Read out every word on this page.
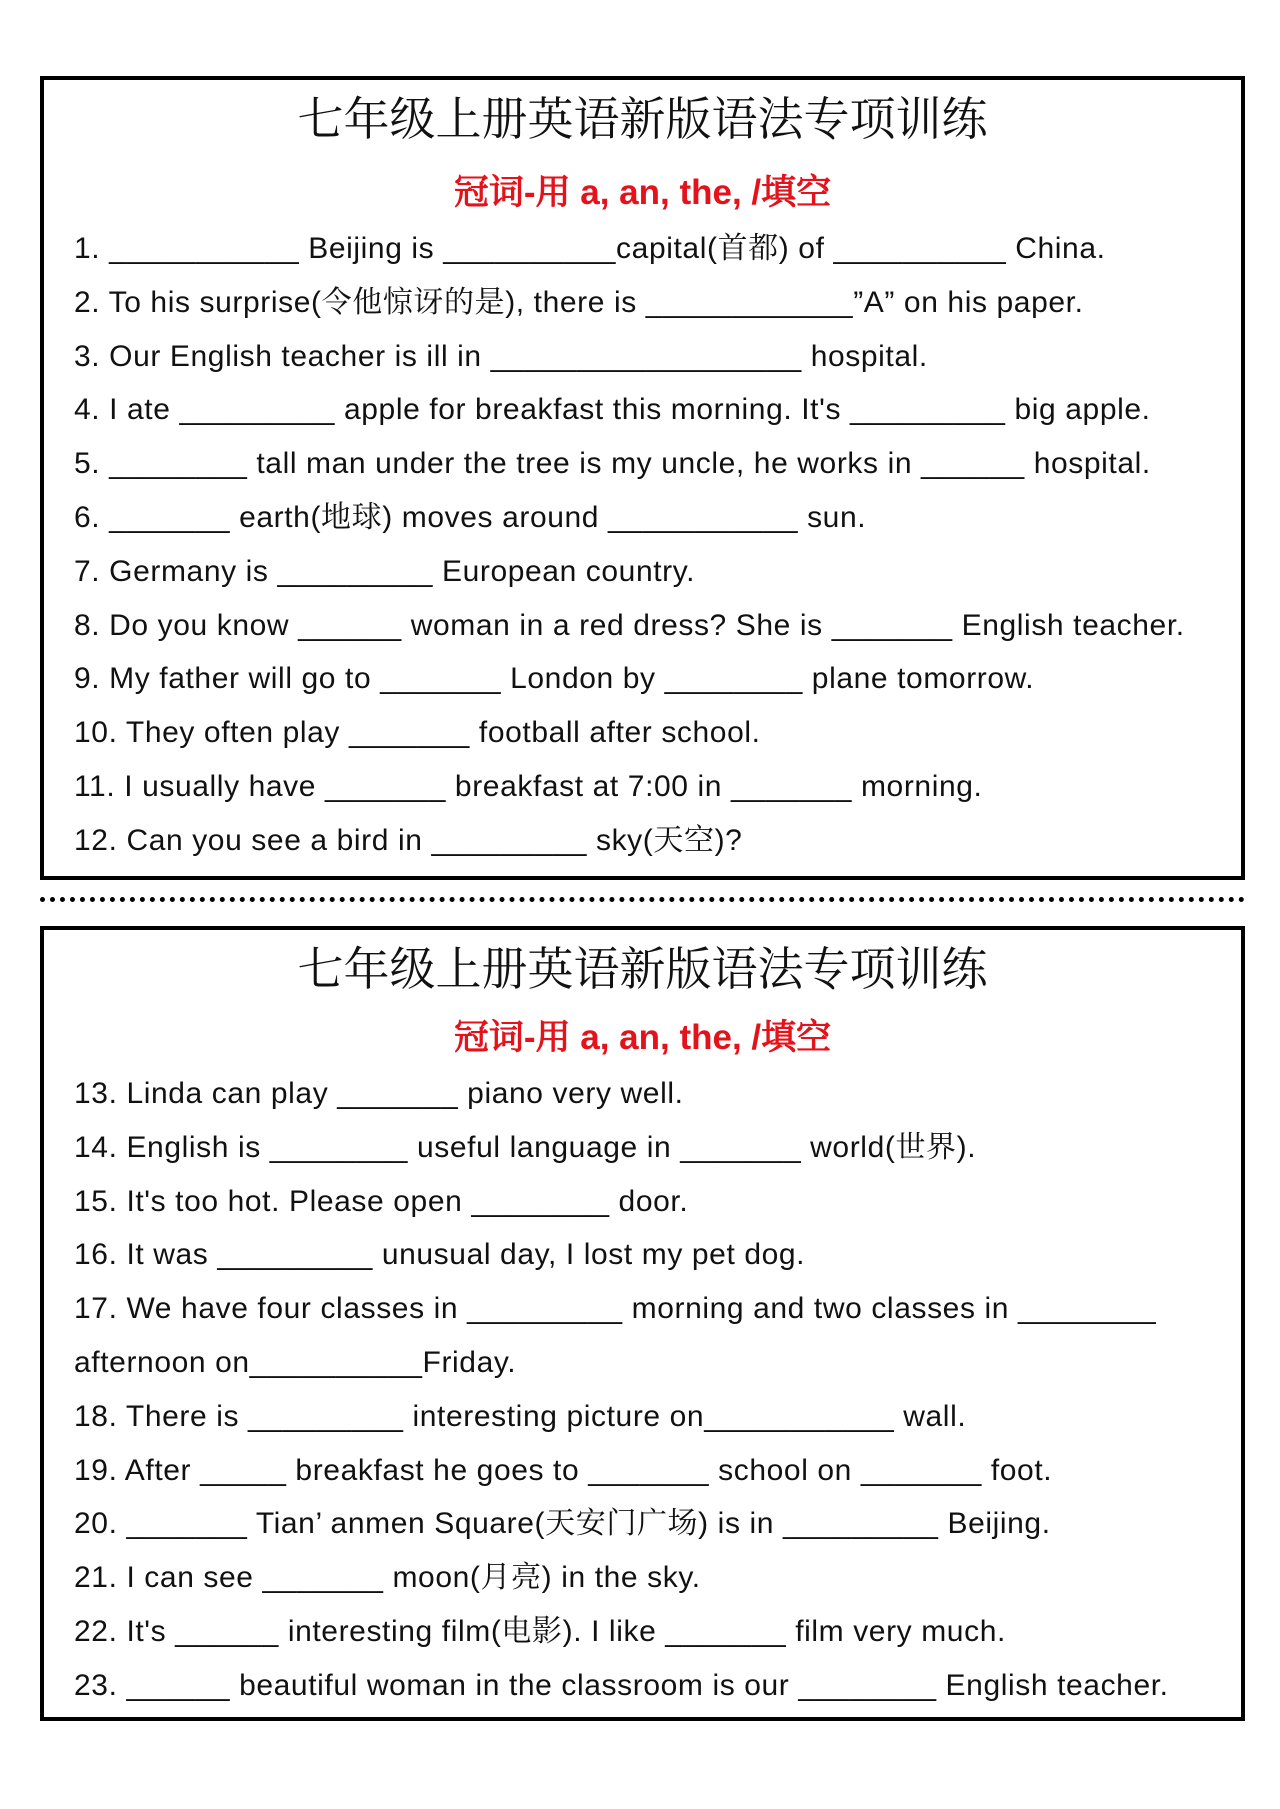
七年级上册英语新版语法专项训练
冠词-用 a, an, the, /填空
1. ___________ Beijing is __________capital(首都) of __________ China.
2. To his surprise(令他惊讶的是), there is ____________”A” on his paper.
3. Our English teacher is ill in __________________ hospital.
4. I ate _________ apple for breakfast this morning. It's _________ big apple.
5. ________ tall man under the tree is my uncle, he works in ______ hospital.
6. _______ earth(地球) moves around ___________ sun.
7. Germany is _________ European country.
8. Do you know ______ woman in a red dress? She is _______ English teacher.
9. My father will go to _______ London by ________ plane tomorrow.
10. They often play _______ football after school.
11. I usually have _______ breakfast at 7:00 in _______ morning.
12. Can you see a bird in _________ sky(天空)?
七年级上册英语新版语法专项训练
冠词-用 a, an, the, /填空
13. Linda can play _______ piano very well.
14. English is ________ useful language in _______ world(世界).
15. It's too hot. Please open ________ door.
16. It was _________ unusual day, I lost my pet dog.
17. We have four classes in _________ morning and two classes in ________
afternoon on__________Friday.
18. There is _________ interesting picture on___________ wall.
19. After _____ breakfast he goes to _______ school on _______ foot.
20. _______ Tian’ anmen Square(天安门广场) is in _________ Beijing.
21. I can see _______ moon(月亮) in the sky.
22. It's ______ interesting film(电影). I like _______ film very much.
23. ______ beautiful woman in the classroom is our ________ English teacher.
